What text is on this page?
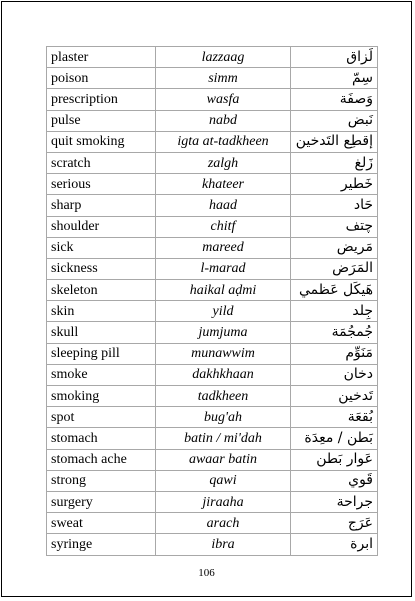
plaster	lazzaag	لَزاق
poison	simm	سِمّ
prescription	wasfa	وَصفَة
pulse	nabd	نَبض
quit smoking	igta at-tadkheen	إقطِع التَدخين
scratch	zalgh	زَلغ
serious	khateer	خَطير
sharp	haad	حَاد
shoulder	chitf	چتف
sick	mareed	مَريض
sickness	l-marad	المَرَض
skeleton	haikal aḍmi	هَيكَل عَظمي
skin	yild	جِلد
skull	jumjuma	جُمجُمَة
sleeping pill	munawwim	مَنَوِّم
smoke	dakhkhaan	دخان
smoking	tadkheen	تَدخين
spot	bug'ah	بُقعَة
stomach	batin / mi'dah	بَطن / معِدَة
stomach ache	awaar batin	عَوار بَطن
strong	qawi	قَوي
surgery	jiraaha	جراحة
sweat	arach	عَرَج
syringe	ibra	ابرة
106
